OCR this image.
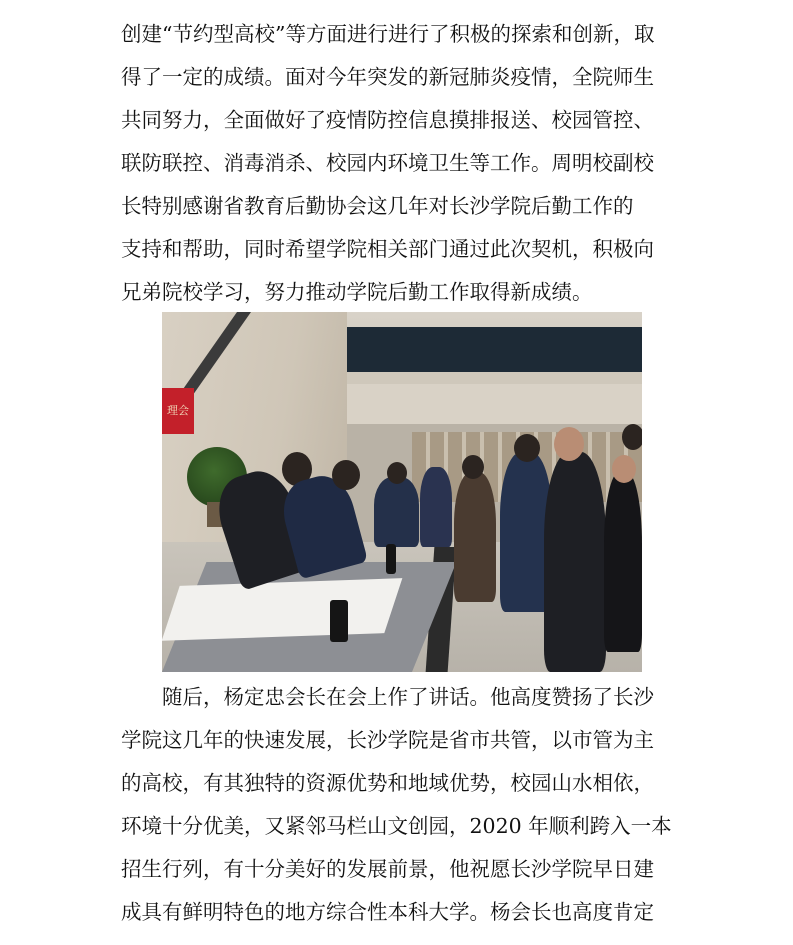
创建“节约型高校”等方面进行进行了积极的探索和创新，取
得了一定的成绩。面对今年突发的新冠肺炎疫情，全院师生
共同努力，全面做好了疫情防控信息摸排报送、校园管控、
联防联控、消毒消杀、校园内环境卫生等工作。周明校副校
长特别感谢省教育后勤协会这几年对长沙学院后勤工作的
支持和帮助，同时希望学院相关部门通过此次契机，积极向
兄弟院校学习，努力推动学院后勤工作取得新成绩。
理会
随后，杨定忠会长在会上作了讲话。他高度赞扬了长沙
学院这几年的快速发展，长沙学院是省市共管，以市管为主
的高校，有其独特的资源优势和地域优势，校园山水相依，
环境十分优美，又紧邻马栏山文创园，2020 年顺利跨入一本
招生行列，有十分美好的发展前景，他祝愿长沙学院早日建
成具有鲜明特色的地方综合性本科大学。杨会长也高度肯定
